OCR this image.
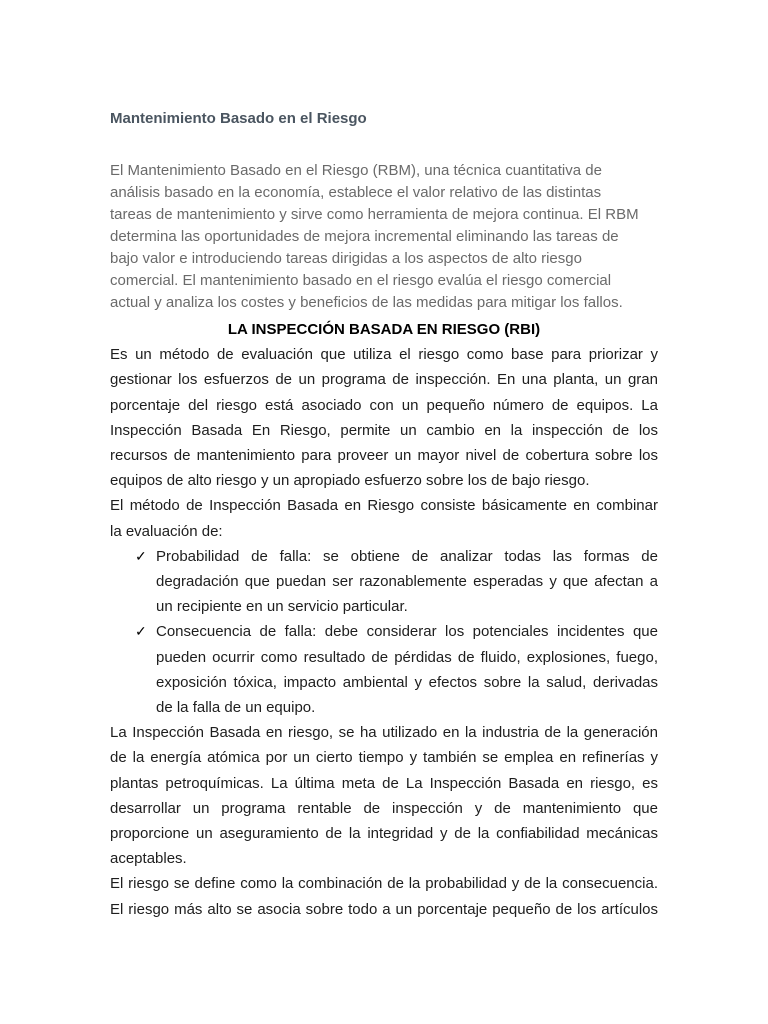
Mantenimiento Basado en el Riesgo

El Mantenimiento Basado en el Riesgo (RBM), una técnica cuantitativa de
análisis basado en la economía, establece el valor relativo de las distintas
tareas de mantenimiento y sirve como herramienta de mejora continua. El RBM
determina las oportunidades de mejora incremental eliminando las tareas de
bajo valor e introduciendo tareas dirigidas a los aspectos de alto riesgo
comercial. El mantenimiento basado en el riesgo evalúa el riesgo comercial
actual y analiza los costes y beneficios de las medidas para mitigar los fallos.

LA INSPECCIÓN BASADA EN RIESGO (RBI)

Es un método de evaluación que utiliza el riesgo como base para priorizar y
gestionar los esfuerzos de un programa de inspección. En una planta, un gran
porcentaje del riesgo está asociado con un pequeño número de equipos. La
Inspección Basada En Riesgo, permite un cambio en la inspección de los
recursos de mantenimiento para proveer un mayor nivel de cobertura sobre los
equipos de alto riesgo y un apropiado esfuerzo sobre los de bajo riesgo.

El método de Inspección Basada en Riesgo consiste básicamente en combinar
la evaluación de:

✓ Probabilidad de falla: se obtiene de analizar todas las formas de
degradación que puedan ser razonablemente esperadas y que afectan a
un recipiente en un servicio particular.
✓ Consecuencia de falla: debe considerar los potenciales incidentes que
pueden ocurrir como resultado de pérdidas de fluido, explosiones, fuego,
exposición tóxica, impacto ambiental y efectos sobre la salud, derivadas
de la falla de un equipo.

La Inspección Basada en riesgo, se ha utilizado en la industria de la generación
de la energía atómica por un cierto tiempo y también se emplea en refinerías y
plantas petroquímicas. La última meta de La Inspección Basada en riesgo, es
desarrollar un programa rentable de inspección y de mantenimiento que
proporcione un aseguramiento de la integridad y de la confiabilidad mecánicas
aceptables.

El riesgo se define como la combinación de la probabilidad y de la consecuencia.
El riesgo más alto se asocia sobre todo a un porcentaje pequeño de los artículos
